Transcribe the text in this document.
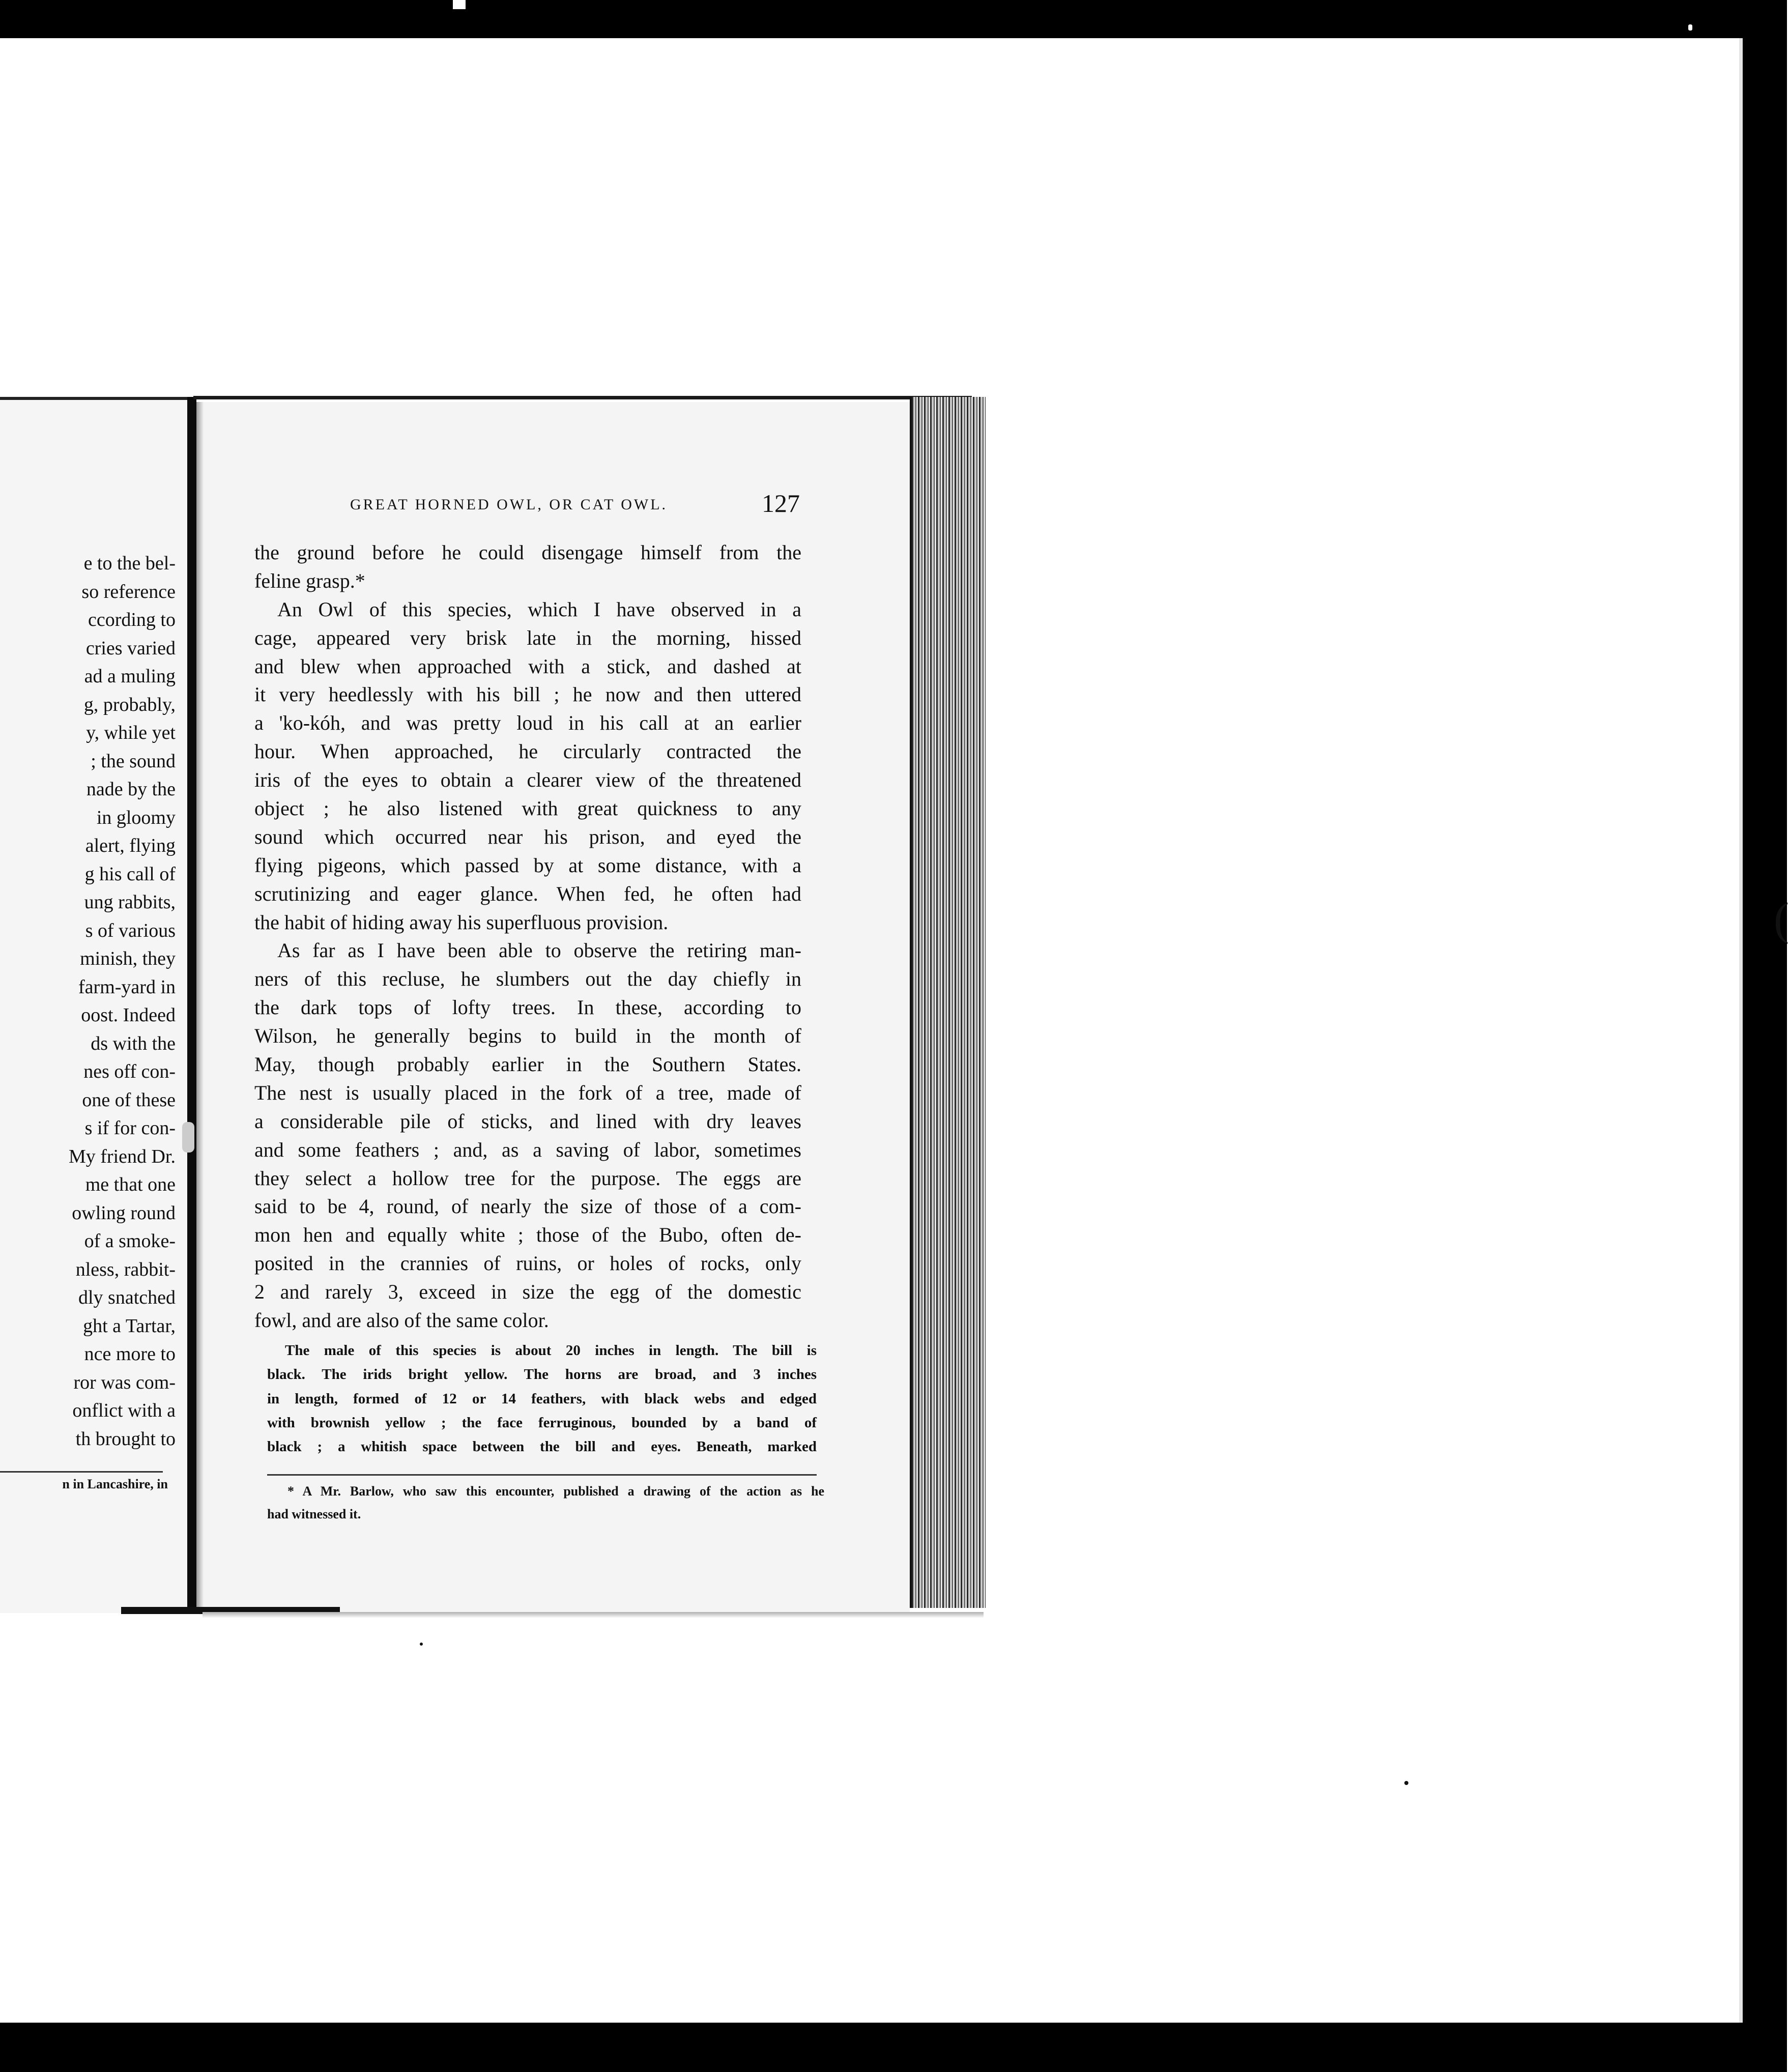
(
e to the bel-
so reference
ccording to
cries varied
ad a muling
g, probably,
y, while yet
; the sound
nade by the
in gloomy
alert, flying
g his call of
ung rabbits,
s of various
minish, they
farm-yard in
oost. Indeed
ds with the
nes off con-
one of these
s if for con-
My friend Dr.
me that one
owling round
of a smoke-
nless, rabbit-
dly snatched
ght a Tartar,
nce more to
ror was com-
onflict with a
th brought to
n in Lancashire, in
GREAT HORNED OWL, OR CAT OWL.	127
the ground before he could disengage himself from the
feline grasp.*
An Owl of this species, which I have observed in a
cage, appeared very brisk late in the morning, hissed
and blew when approached with a stick, and dashed at
it very heedlessly with his bill ; he now and then uttered
a 'ko-kóh, and was pretty loud in his call at an earlier
hour. When approached, he circularly contracted the
iris of the eyes to obtain a clearer view of the threatened
object ; he also listened with great quickness to any
sound which occurred near his prison, and eyed the
flying pigeons, which passed by at some distance, with a
scrutinizing and eager glance. When fed, he often had
the habit of hiding away his superfluous provision.
As far as I have been able to observe the retiring man-
ners of this recluse, he slumbers out the day chiefly in
the dark tops of lofty trees. In these, according to
Wilson, he generally begins to build in the month of
May, though probably earlier in the Southern States.
The nest is usually placed in the fork of a tree, made of
a considerable pile of sticks, and lined with dry leaves
and some feathers ; and, as a saving of labor, sometimes
they select a hollow tree for the purpose. The eggs are
said to be 4, round, of nearly the size of those of a com-
mon hen and equally white ; those of the Bubo, often de-
posited in the crannies of ruins, or holes of rocks, only
2 and rarely 3, exceed in size the egg of the domestic
fowl, and are also of the same color.
The male of this species is about 20 inches in length. The bill is
black. The irids bright yellow. The horns are broad, and 3 inches
in length, formed of 12 or 14 feathers, with black webs and edged
with brownish yellow ; the face ferruginous, bounded by a band of
black ; a whitish space between the bill and eyes. Beneath, marked
* A Mr. Barlow, who saw this encounter, published a drawing of the action as he
had witnessed it.
